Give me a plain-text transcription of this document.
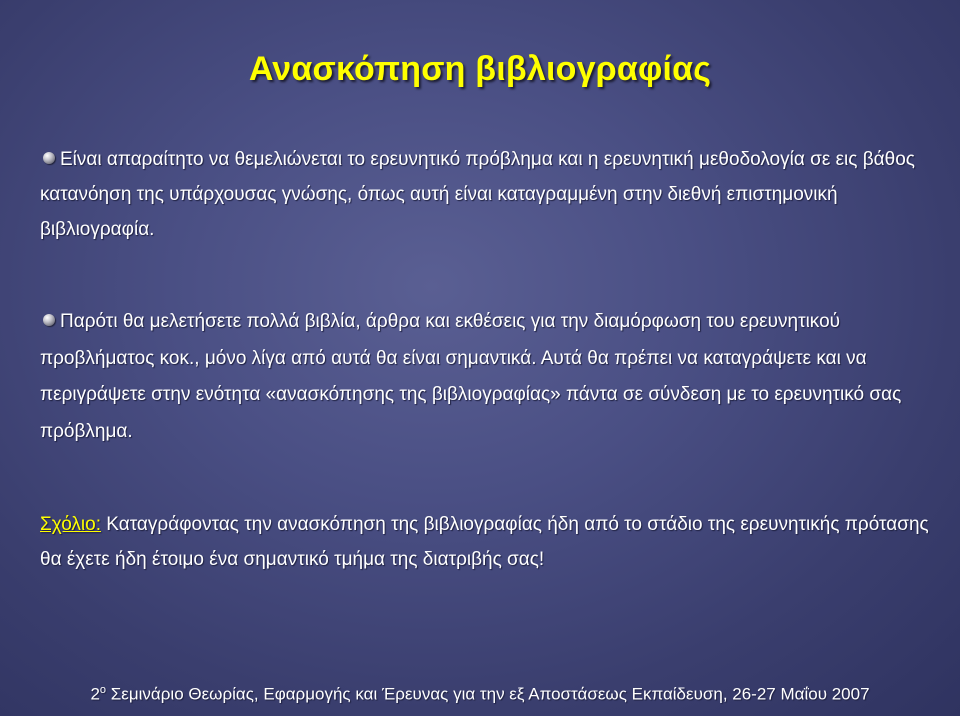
Ανασκόπηση βιβλιογραφίας
Είναι απαραίτητο να θεμελιώνεται το ερευνητικό πρόβλημα και η ερευνητική μεθοδολογία σε εις βάθος κατανόηση της υπάρχουσας γνώσης, όπως αυτή είναι καταγραμμένη στην διεθνή επιστημονική βιβλιογραφία.
Παρότι θα μελετήσετε πολλά βιβλία, άρθρα και εκθέσεις για την διαμόρφωση του ερευνητικού προβλήματος κοκ., μόνο λίγα από αυτά θα είναι σημαντικά. Αυτά θα πρέπει να καταγράψετε και να περιγράψετε στην ενότητα «ανασκόπησης της βιβλιογραφίας» πάντα σε σύνδεση με το ερευνητικό σας πρόβλημα.
Σχόλιο: Καταγράφοντας την ανασκόπηση της βιβλιογραφίας ήδη από το στάδιο της ερευνητικής πρότασης θα έχετε ήδη έτοιμο ένα σημαντικό τμήμα της διατριβής σας!
$2^o$ Σεμινάριο Θεωρίας, Εφαρμογής και Έρευνας για την εξ Αποστάσεως Εκπαίδευση, 26-27 Μαΐου 2007
